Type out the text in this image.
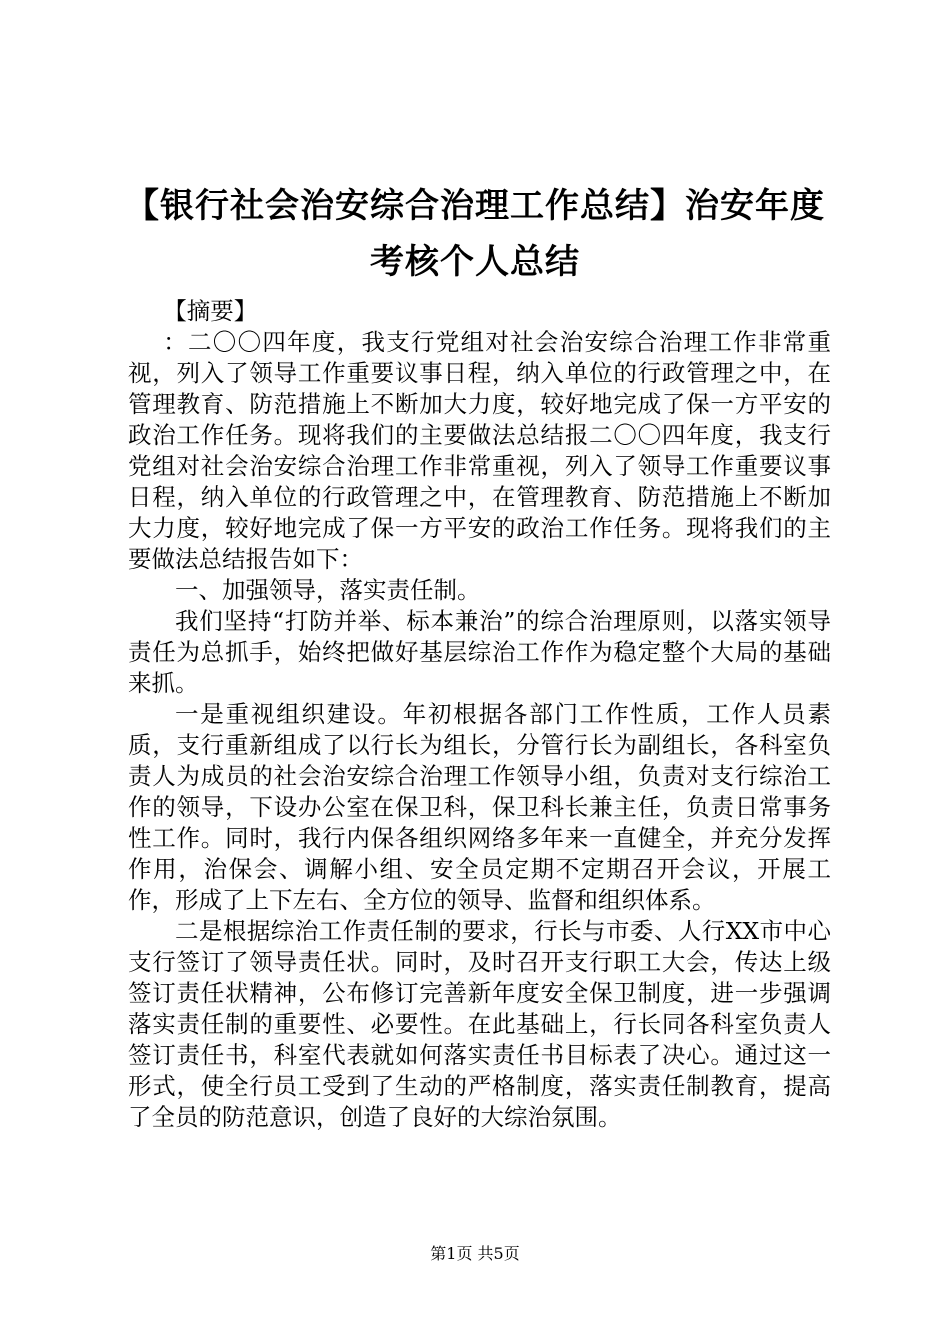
【银行社会治安综合治理工作总结】治安年度考核个人总结

【摘要】

：二〇〇四年度，我支行党组对社会治安综合治理工作非常重视，列入了领导工作重要议事日程，纳入单位的行政管理之中，在管理教育、防范措施上不断加大力度，较好地完成了保一方平安的政治工作任务。现将我们的主要做法总结报二〇〇四年度，我支行党组对社会治安综合治理工作非常重视，列入了领导工作重要议事日程，纳入单位的行政管理之中，在管理教育、防范措施上不断加大力度，较好地完成了保一方平安的政治工作任务。现将我们的主要做法总结报告如下：

一、加强领导，落实责任制。

我们坚持“打防并举、标本兼治”的综合治理原则，以落实领导责任为总抓手，始终把做好基层综治工作作为稳定整个大局的基础来抓。

一是重视组织建设。年初根据各部门工作性质，工作人员素质，支行重新组成了以行长为组长，分管行长为副组长，各科室负责人为成员的社会治安综合治理工作领导小组，负责对支行综治工作的领导，下设办公室在保卫科，保卫科长兼主任，负责日常事务性工作。同时，我行内保各组织网络多年来一直健全，并充分发挥作用，治保会、调解小组、安全员定期不定期召开会议，开展工作，形成了上下左右、全方位的领导、监督和组织体系。

二是根据综治工作责任制的要求，行长与市委、人行XX市中心支行签订了领导责任状。同时，及时召开支行职工大会，传达上级签订责任状精神，公布修订完善新年度安全保卫制度，进一步强调落实责任制的重要性、必要性。在此基础上，行长同各科室负责人签订责任书，科室代表就如何落实责任书目标表了决心。通过这一形式，使全行员工受到了生动的严格制度，落实责任制教育，提高了全员的防范意识，创造了良好的大综治氛围。

第1页 共5页
